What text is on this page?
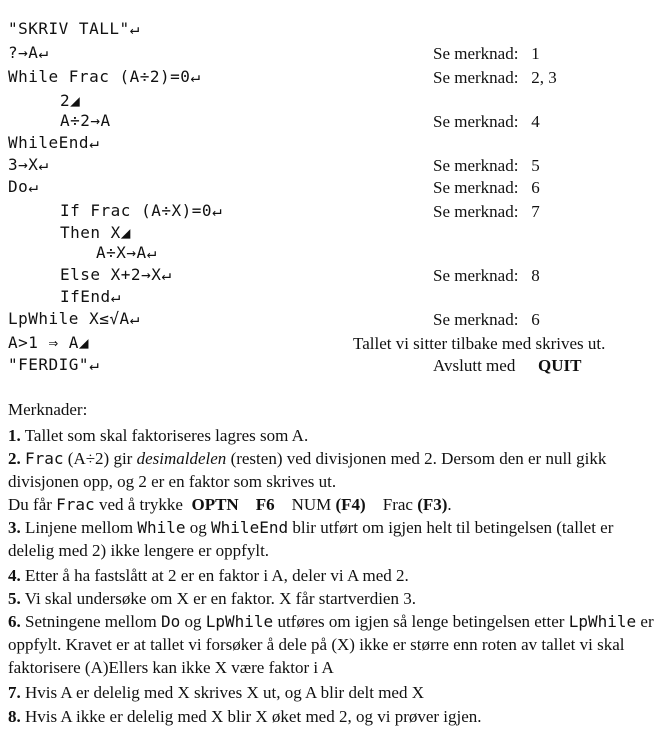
"SKRIV TALL"↵
?→A↵	Se merknad:   1
While Frac (A÷2)=0↵	Se merknad:   2, 3
2◢
A÷2→A	Se merknad:   4
WhileEnd↵
3→X↵	Se merknad:   5
Do↵	Se merknad:   6
If Frac (A÷X)=0↵	Se merknad:   7
Then X◢
A÷X→A↵
Else X+2→X↵	Se merknad:   8
IfEnd↵
LpWhile X≤√A↵	Se merknad:   6
A>1 ⇒ A◢	Tallet vi sitter tilbake med skrives ut.
"FERDIG"↵	Avslutt med QUIT
Merknader:
1. Tallet som skal faktoriseres lagres som A.
2. Frac (A÷2) gir desimaldelen (resten) ved divisjonen med 2. Dersom den er null gikk divisjonen opp, og 2 er en faktor som skrives ut.
Du får Frac ved å trykke OPTN F6 NUM (F4) Frac (F3).
3. Linjene mellom While og WhileEnd blir utført om igjen helt til betingelsen (tallet er delelig med 2) ikke lengere er oppfylt.
4. Etter å ha fastslått at 2 er en faktor i A, deler vi A med 2.
5. Vi skal undersøke om X er en faktor. X får startverdien 3.
6. Setningene mellom Do og LpWhile utføres om igjen så lenge betingelsen etter LpWhile er oppfylt. Kravet er at tallet vi forsøker å dele på (X) ikke er større enn roten av tallet vi skal faktorisere (A)Ellers kan ikke X være faktor i A
7. Hvis A er delelig med X skrives X ut, og A blir delt med X
8. Hvis A ikke er delelig med X blir X øket med 2, og vi prøver igjen.
